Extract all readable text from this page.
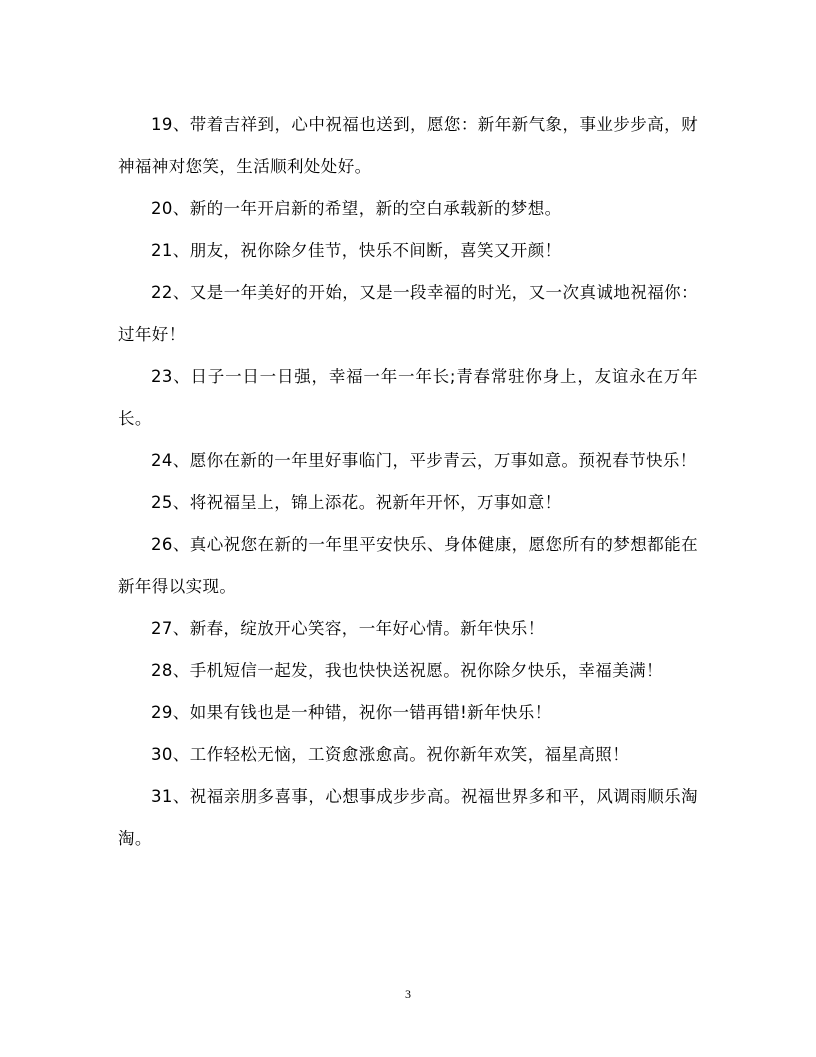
19、带着吉祥到，心中祝福也送到，愿您：新年新气象，事业步步高，财神福神对您笑，生活顺利处处好。

20、新的一年开启新的希望，新的空白承载新的梦想。

21、朋友，祝你除夕佳节，快乐不间断，喜笑又开颜！

22、又是一年美好的开始，又是一段幸福的时光，又一次真诚地祝福你：过年好！

23、日子一日一日强，幸福一年一年长;青春常驻你身上，友谊永在万年长。

24、愿你在新的一年里好事临门，平步青云，万事如意。预祝春节快乐！

25、将祝福呈上，锦上添花。祝新年开怀，万事如意！

26、真心祝您在新的一年里平安快乐、身体健康，愿您所有的梦想都能在新年得以实现。

27、新春，绽放开心笑容，一年好心情。新年快乐！

28、手机短信一起发，我也快快送祝愿。祝你除夕快乐，幸福美满！

29、如果有钱也是一种错，祝你一错再错!新年快乐！

30、工作轻松无恼，工资愈涨愈高。祝你新年欢笑，福星高照！

31、祝福亲朋多喜事，心想事成步步高。祝福世界多和平，风调雨顺乐淘淘。

3
